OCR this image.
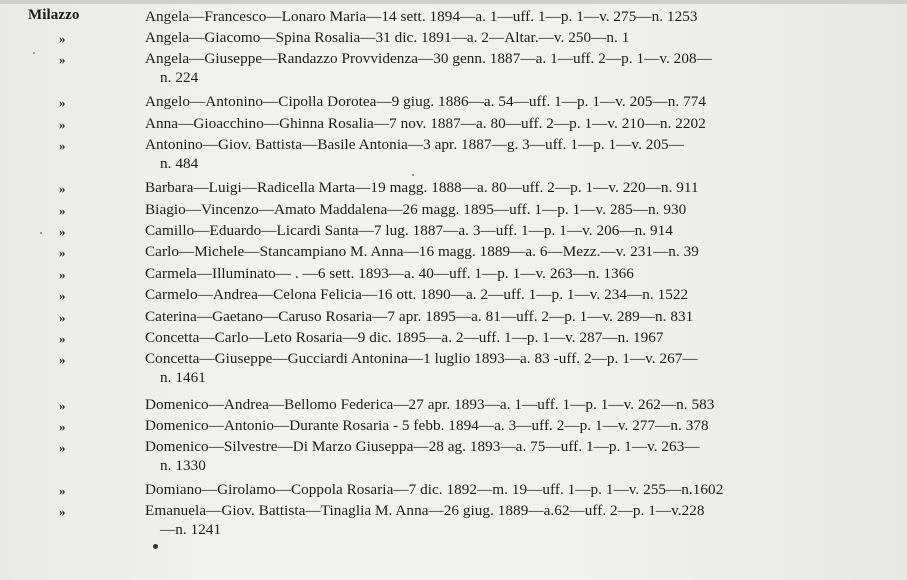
Milazzo	Angela—Francesco—Lonaro Maria—14 sett. 1894—a. 1—uff. 1—p. 1—v. 275—n. 1253
»	Angela—Giacomo—Spina Rosalia—31 dic. 1891—a. 2—Altar.—v. 250—n. 1
»	Angela—Giuseppe—Randazzo Provvidenza—30 genn. 1887—a. 1—uff. 2—p. 1—v. 208—
n. 224
»	Angelo—Antonino—Cipolla Dorotea—9 giug. 1886—a. 54—uff. 1—p. 1—v. 205—n. 774
»	Anna—Gioacchino—Ghinna Rosalia—7 nov. 1887—a. 80—uff. 2—p. 1—v. 210—n. 2202
»	Antonino—Giov. Battista—Basile Antonia—3 apr. 1887—g. 3—uff. 1—p. 1—v. 205—
n. 484
»	Barbara—Luigi—Radicella Marta—19 magg. 1888—a. 80—uff. 2—p. 1—v. 220—n. 911
»	Biagio—Vincenzo—Amato Maddalena—26 magg. 1895—uff. 1—p. 1—v. 285—n. 930
»	Camillo—Eduardo—Licardi Santa—7 lug. 1887—a. 3—uff. 1—p. 1—v. 206—n. 914
»	Carlo—Michele—Stancampiano M. Anna—16 magg. 1889—a. 6—Mezz.—v. 231—n. 39
»	Carmela—Illuminato— . —6 sett. 1893—a. 40—uff. 1—p. 1—v. 263—n. 1366
»	Carmelo—Andrea—Celona Felicia—16 ott. 1890—a. 2—uff. 1—p. 1—v. 234—n. 1522
»	Caterina—Gaetano—Caruso Rosaria—7 apr. 1895—a. 81—uff. 2—p. 1—v. 289—n. 831
»	Concetta—Carlo—Leto Rosaria—9 dic. 1895—a. 2—uff. 1—p. 1—v. 287—n. 1967
»	Concetta—Giuseppe—Gucciardi Antonina—1 luglio 1893—a. 83 -uff. 2—p. 1—v. 267—
n. 1461
»	Domenico—Andrea—Bellomo Federica—27 apr. 1893—a. 1—uff. 1—p. 1—v. 262—n. 583
»	Domenico—Antonio—Durante Rosaria - 5 febb. 1894—a. 3—uff. 2—p. 1—v. 277—n. 378
»	Domenico—Silvestre—Di Marzo Giuseppa—28 ag. 1893—a. 75—uff. 1—p. 1—v. 263—
n. 1330
»	Domiano—Girolamo—Coppola Rosaria—7 dic. 1892—m. 19—uff. 1—p. 1—v. 255—n.1602
»	Emanuela—Giov. Battista—Tinaglia M. Anna—26 giug. 1889—a.62—uff. 2—p. 1—v.228
—n. 1241
